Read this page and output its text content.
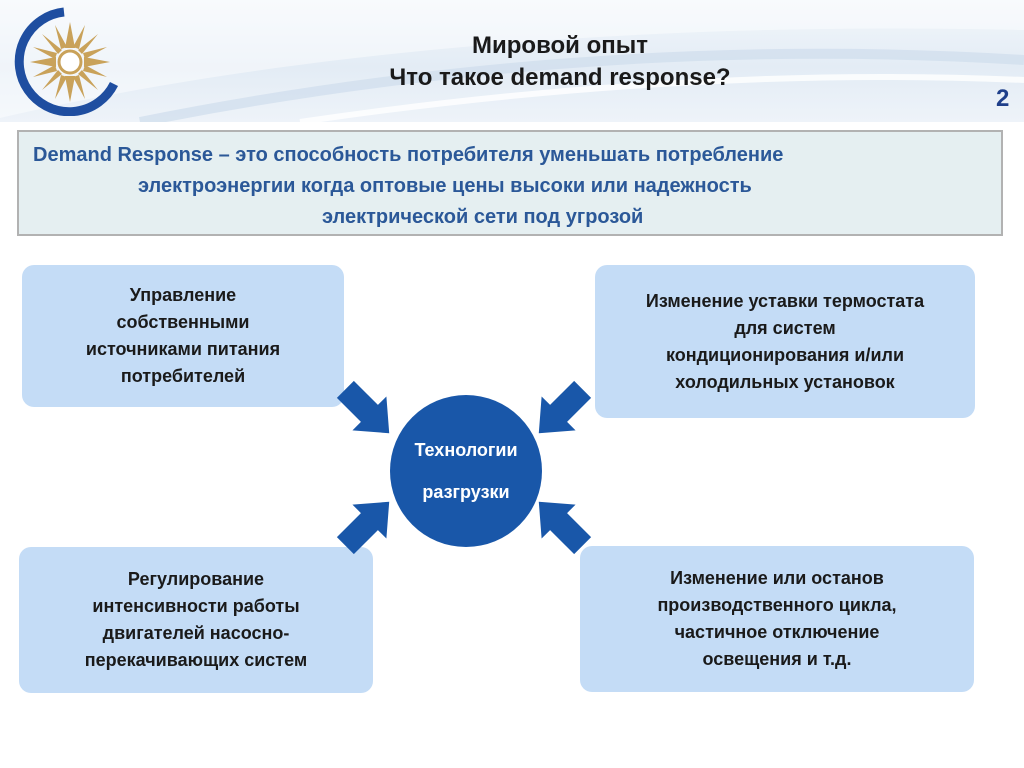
Мировой опыт
Что такое demand response?
2
Demand Response – это способность потребителя уменьшать потребление
электроэнергии когда оптовые цены высоки или надежность
электрической сети под угрозой
Управление
собственными
источниками питания
потребителей
Изменение уставки термостата
для систем
кондиционирования и/или
холодильных установок
Регулирование
интенсивности работы
двигателей насосно-
перекачивающих систем
Изменение или останов
производственного цикла,
частичное отключение
освещения и т.д.
Технологии
разгрузки
